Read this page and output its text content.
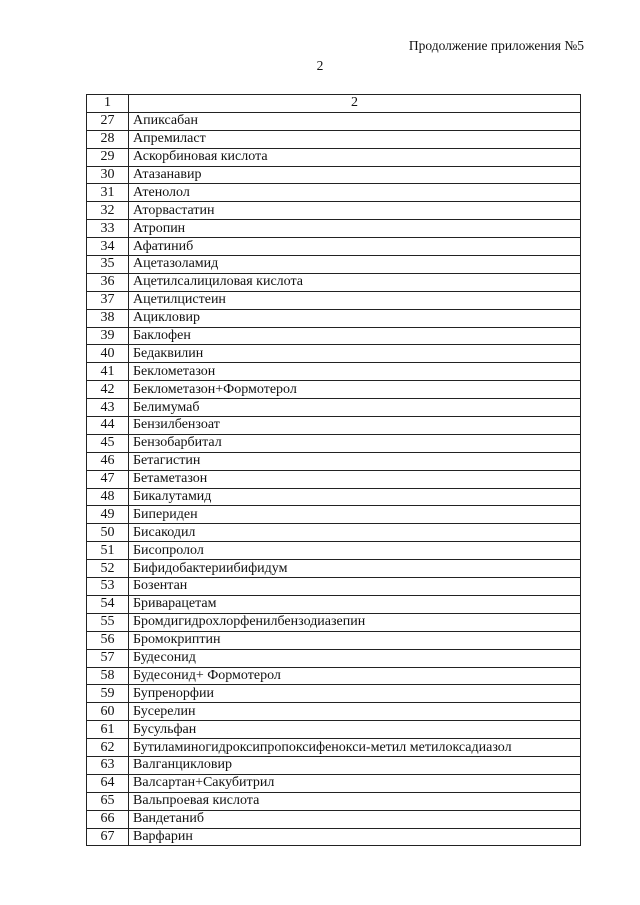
Продолжение приложения №5
2
1	2
27	Апиксабан
28	Апремиласт
29	Аскорбиновая кислота
30	Атазанавир
31	Атенолол
32	Аторвастатин
33	Атропин
34	Афатиниб
35	Ацетазоламид
36	Ацетилсалициловая кислота
37	Ацетилцистеин
38	Ацикловир
39	Баклофен
40	Бедаквилин
41	Беклометазон
42	Беклометазон+Формотерол
43	Белимумаб
44	Бензилбензоат
45	Бензобарбитал
46	Бетагистин
47	Бетаметазон
48	Бикалутамид
49	Бипериден
50	Бисакодил
51	Бисопролол
52	Бифидобактериибифидум
53	Бозентан
54	Бриварацетам
55	Бромдигидрохлорфенилбензодиазепин
56	Бромокриптин
57	Будесонид
58	Будесонид+ Формотерол
59	Бупренорфии
60	Бусерелин
61	Бусульфан
62	Бутиламиногидроксипропоксифенокси-метил метилоксадиазол
63	Валганцикловир
64	Валсартан+Сакубитрил
65	Вальпроевая кислота
66	Вандетаниб
67	Варфарин
